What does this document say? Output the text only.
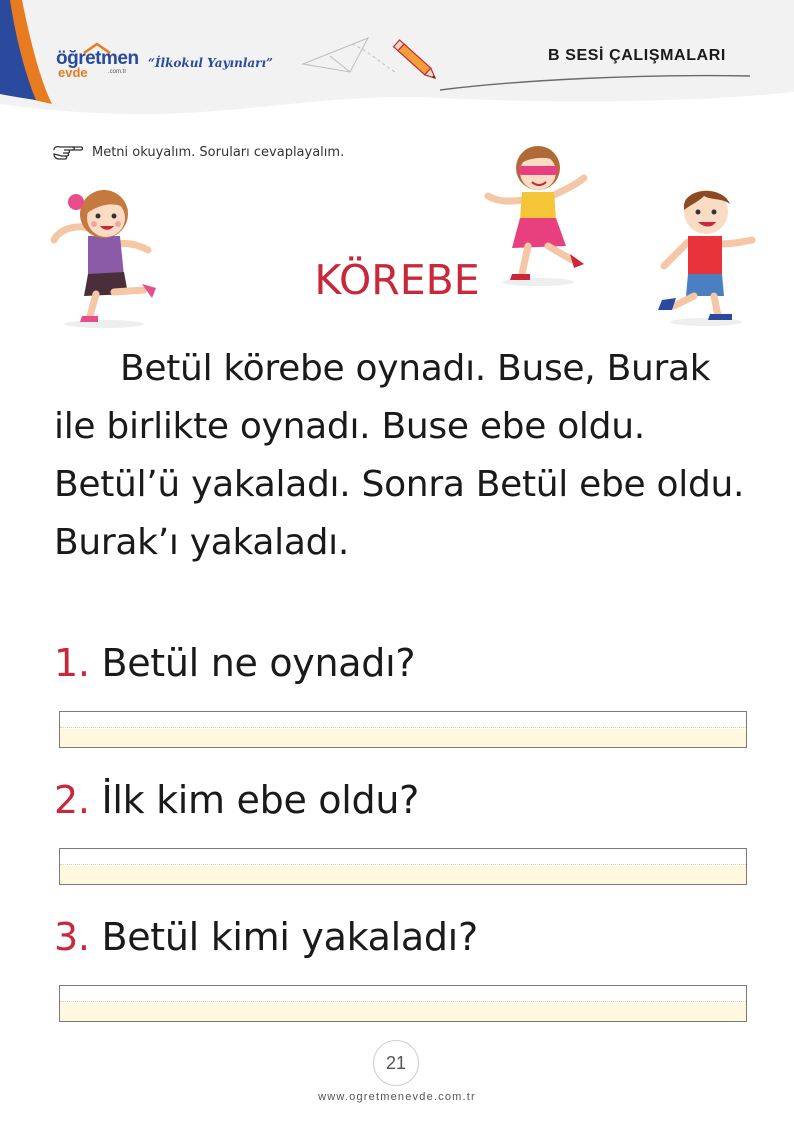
öğretmen
evde	.com.tr
“İlkokul Yayınları”	B SESİ ÇALIŞMALARI
Metni okuyalım. Soruları cevaplayalım.
KÖREBE
Betül körebe oynadı. Buse, Burak
ile birlikte oynadı. Buse ebe oldu.
Betül’ü yakaladı. Sonra Betül ebe oldu.
Burak’ı yakaladı.
1. Betül ne oynadı?
2. İlk kim ebe oldu?
3. Betül kimi yakaladı?
21
www.ogretmenevde.com.tr
